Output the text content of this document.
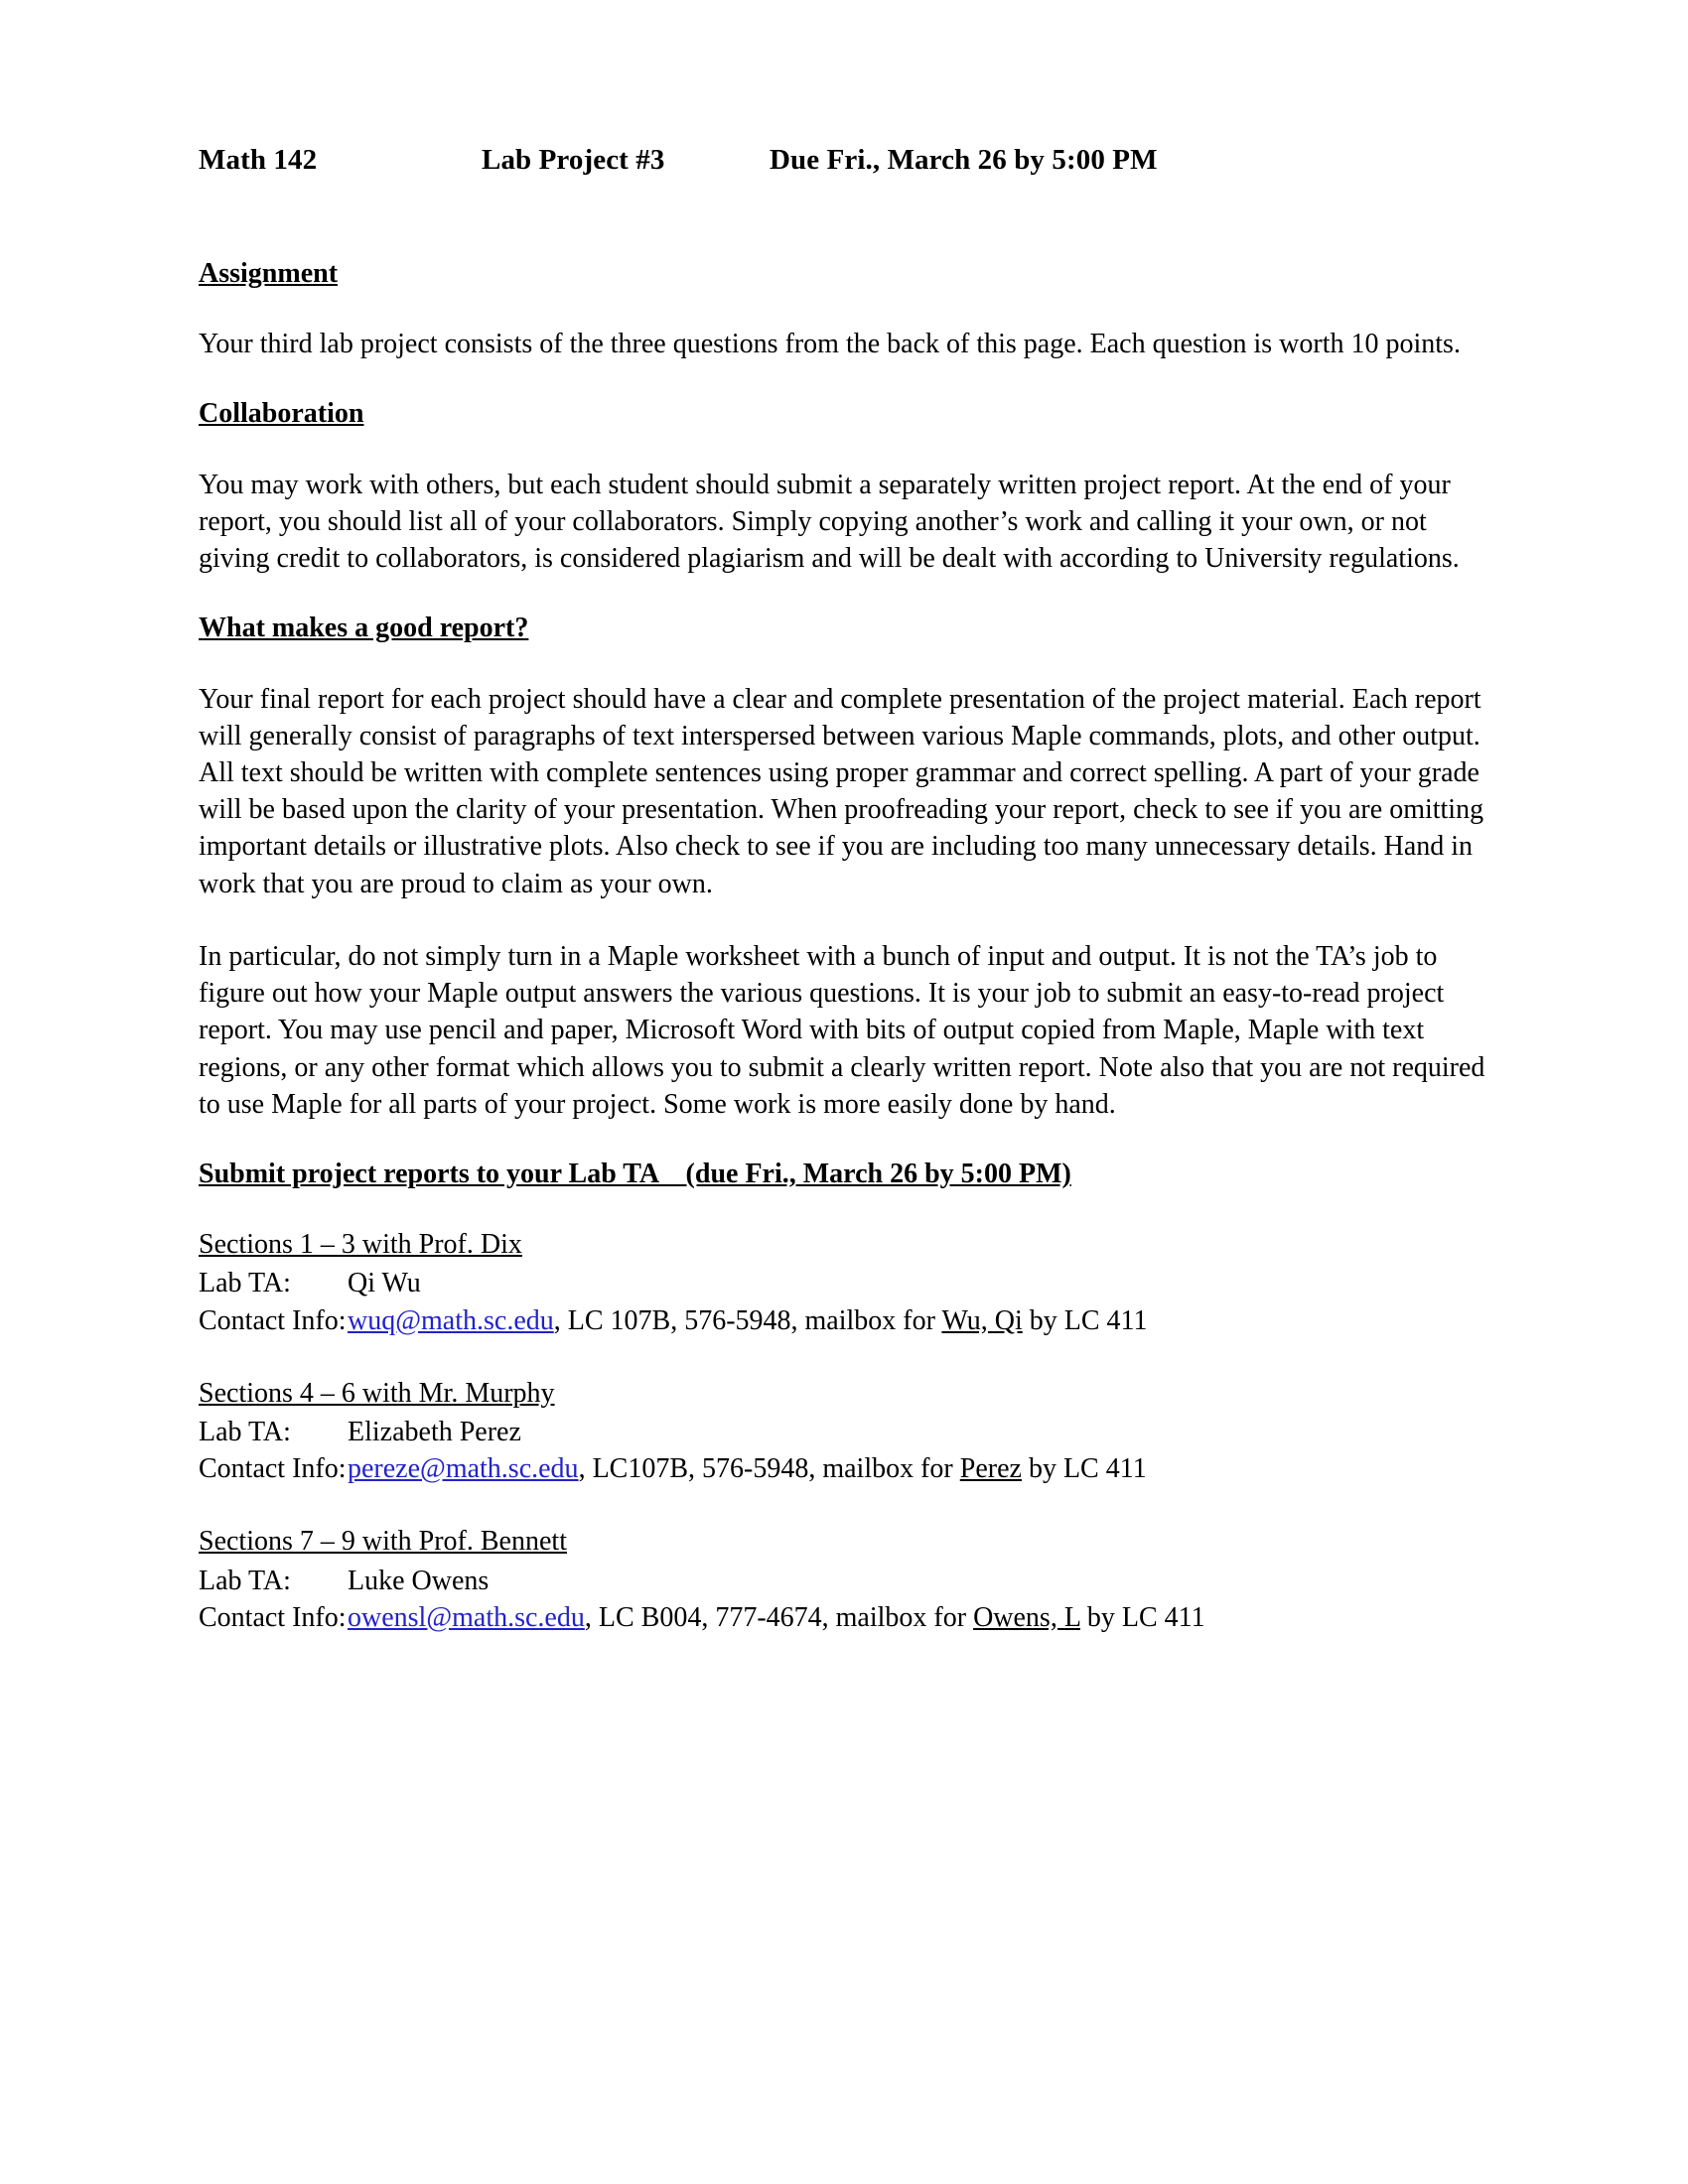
Math 142	Lab Project #3	Due Fri., March 26 by 5:00 PM
Assignment

Your third lab project consists of the three questions from the back of this page. Each question is worth 10 points.

Collaboration

You may work with others, but each student should submit a separately written project report. At the end of your report, you should list all of your collaborators. Simply copying another’s work and calling it your own, or not giving credit to collaborators, is considered plagiarism and will be dealt with according to University regulations.

What makes a good report?

Your final report for each project should have a clear and complete presentation of the project material. Each report will generally consist of paragraphs of text interspersed between various Maple commands, plots, and other output. All text should be written with complete sentences using proper grammar and correct spelling. A part of your grade will be based upon the clarity of your presentation. When proofreading your report, check to see if you are omitting important details or illustrative plots. Also check to see if you are including too many unnecessary details. Hand in work that you are proud to claim as your own.

In particular, do not simply turn in a Maple worksheet with a bunch of input and output. It is not the TA’s job to figure out how your Maple output answers the various questions. It is your job to submit an easy-to-read project report. You may use pencil and paper, Microsoft Word with bits of output copied from Maple, Maple with text regions, or any other format which allows you to submit a clearly written report. Note also that you are not required to use Maple for all parts of your project. Some work is more easily done by hand.

Submit project reports to your Lab TA    (due Fri., March 26 by 5:00 PM)
Sections 1 – 3 with Prof. Dix
Lab TA: Qi Wu
Contact Info:wuq@math.sc.edu, LC 107B, 576-5948, mailbox for Wu, Qi by LC 411
Sections 4 – 6 with Mr. Murphy
Lab TA: Elizabeth Perez
Contact Info:pereze@math.sc.edu, LC107B, 576-5948, mailbox for Perez by LC 411
Sections 7 – 9 with Prof. Bennett
Lab TA: Luke Owens
Contact Info:owensl@math.sc.edu, LC B004, 777-4674, mailbox for Owens, L by LC 411
